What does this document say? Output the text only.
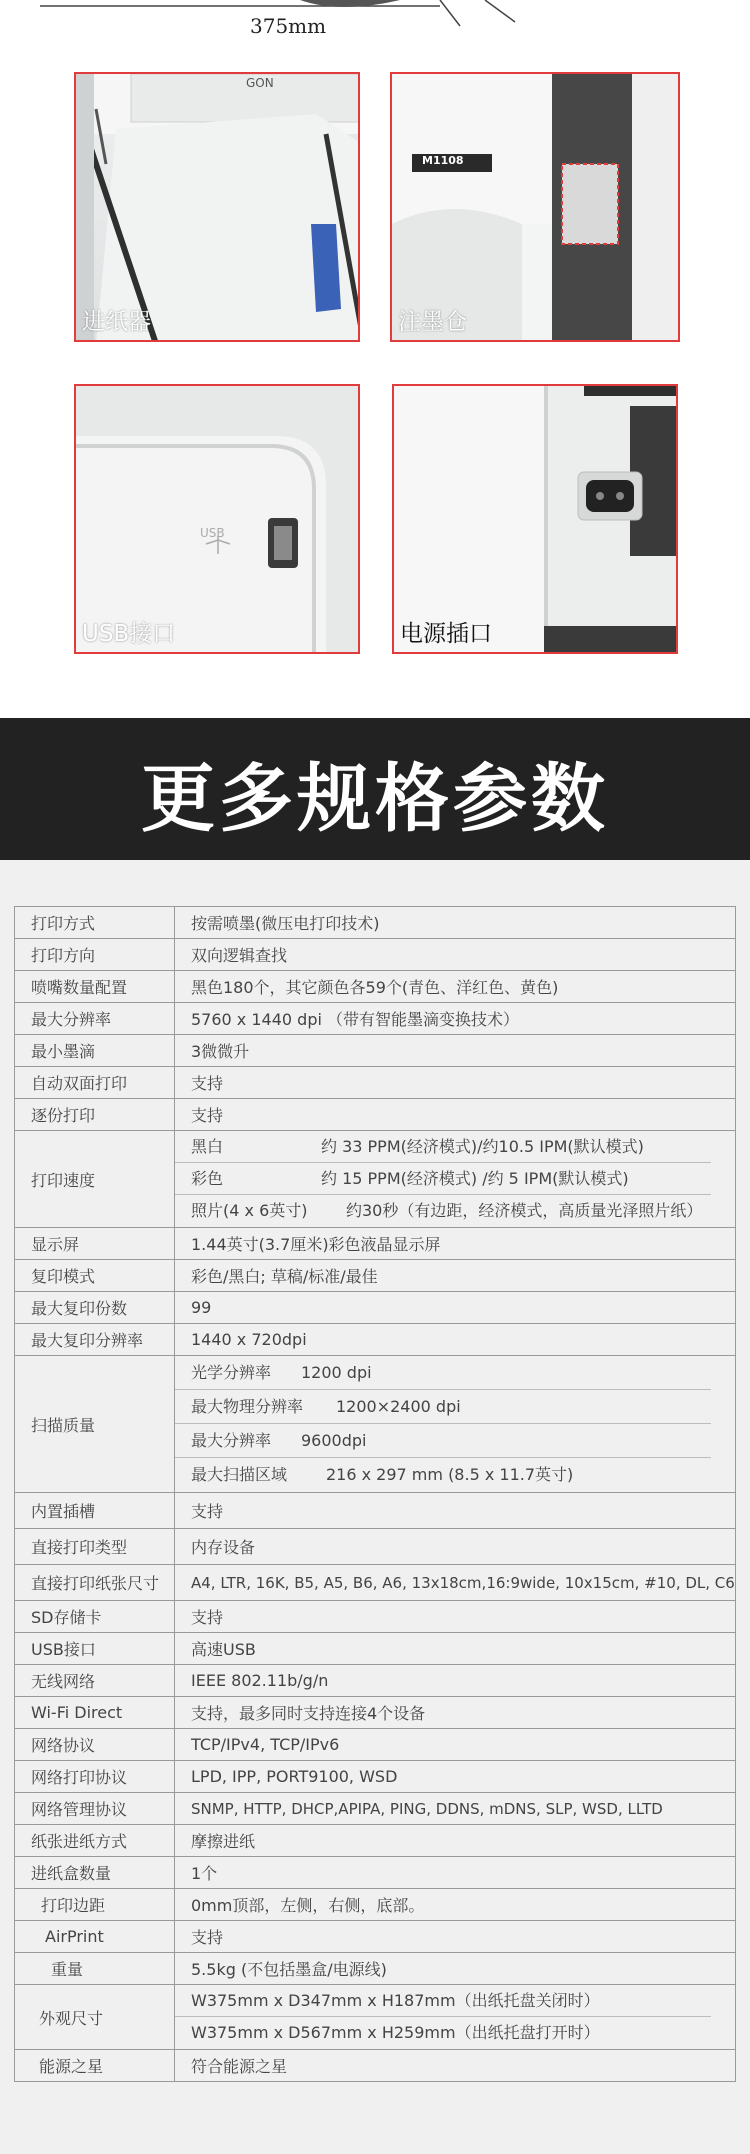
375mm
GON
进纸器
M1108
注墨仓
USB
USB接口	电源插口
更多规格参数
打印方式	按需喷墨(微压电打印技术)
打印方向	双向逻辑查找
喷嘴数量配置	黑色180个，其它颜色各59个(青色、洋红色、黄色)
最大分辨率	5760 x 1440 dpi （带有智能墨滴变换技术）
最小墨滴	3微微升
自动双面打印	支持
逐份打印	支持
打印速度	黑白 约 33 PPM(经济模式)/约10.5 IPM(默认模式)
彩色 约 15 PPM(经济模式) /约 5 IPM(默认模式)
照片(4 x 6英寸) 约30秒（有边距，经济模式，高质量光泽照片纸）

显示屏	1.44英寸(3.7厘米)彩色液晶显示屏
复印模式	彩色/黑白; 草稿/标准/最佳
最大复印份数	99
最大复印分辨率	1440 x 720dpi
扫描质量	光学分辨率 1200 dpi
最大物理分辨率 1200×2400 dpi
最大分辨率 9600dpi
最大扫描区域 216 x 297 mm (8.5 x 11.7英寸)

内置插槽	支持
直接打印类型	内存设备
直接打印纸张尺寸	A4, LTR, 16K, B5, A5, B6, A6, 13x18cm,16:9wide, 10x15cm, #10, DL, C6
SD存储卡	支持
USB接口	高速USB
无线网络	IEEE 802.11b/g/n
Wi-Fi Direct	支持，最多同时支持连接4个设备
网络协议	TCP/IPv4, TCP/IPv6
网络打印协议	LPD, IPP, PORT9100, WSD
网络管理协议	SNMP, HTTP, DHCP,APIPA, PING, DDNS, mDNS, SLP, WSD, LLTD
纸张进纸方式	摩擦进纸
进纸盒数量	1个
打印边距	0mm顶部，左侧，右侧，底部。
AirPrint	支持
重量	5.5kg (不包括墨盒/电源线)
外观尺寸	W375mm x D347mm x H187mm（出纸托盘关闭时）
W375mm x D567mm x H259mm（出纸托盘打开时）

能源之星	符合能源之星
